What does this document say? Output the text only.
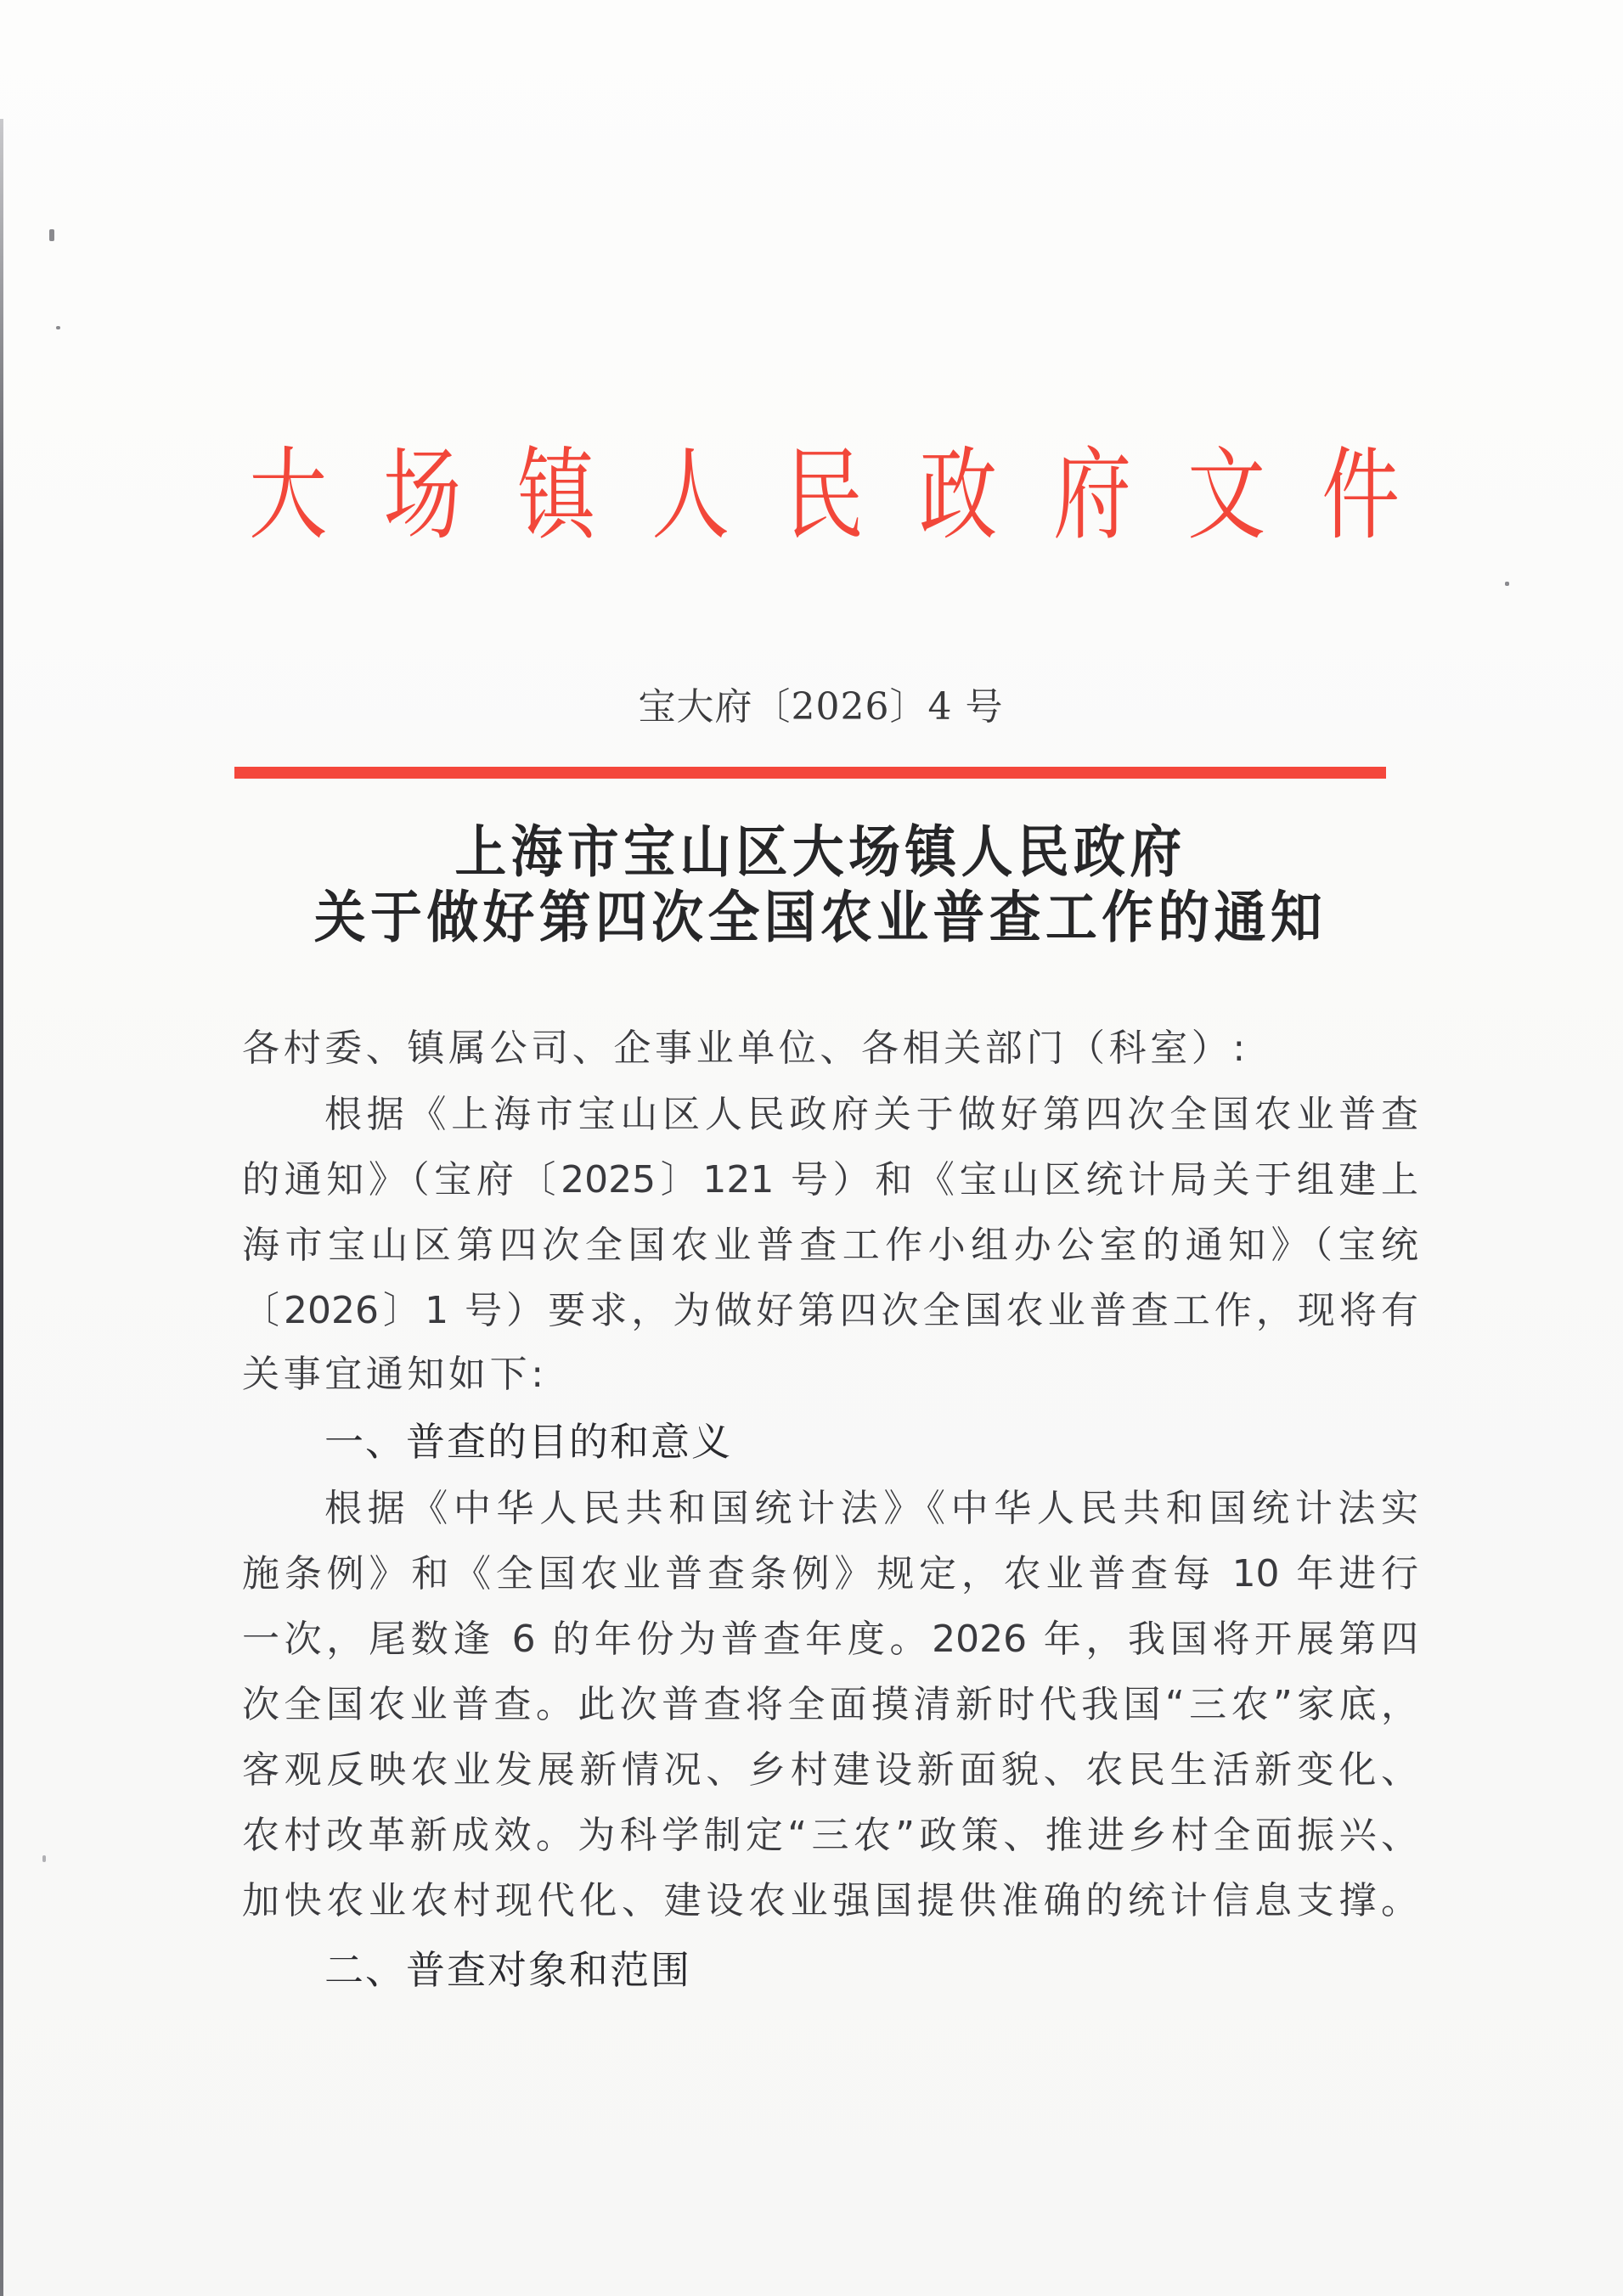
大 场 镇 人 民 政 府 文 件
宝大府〔2026〕4 号
上海市宝山区大场镇人民政府
关于做好第四次全国农业普查工作的通知
各村委、镇属公司、企事业单位、各相关部门（科室）:
根据《上海市宝山区人民政府关于做好第四次全国农业普查
的通知》（宝府〔2025〕121 号）和《宝山区统计局关于组建上
海市宝山区第四次全国农业普查工作小组办公室的通知》（宝统
〔2026〕1 号）要求，为做好第四次全国农业普查工作，现将有
关事宜通知如下:
一、普查的目的和意义
根据《中华人民共和国统计法》《中华人民共和国统计法实
施条例》和《全国农业普查条例》规定，农业普查每 10 年进行
一次，尾数逢 6 的年份为普查年度。2026 年，我国将开展第四
次全国农业普查。此次普查将全面摸清新时代我国“三农”家底，
客观反映农业发展新情况、乡村建设新面貌、农民生活新变化、
农村改革新成效。为科学制定“三农”政策、推进乡村全面振兴、
加快农业农村现代化、建设农业强国提供准确的统计信息支撑。
二、普查对象和范围
